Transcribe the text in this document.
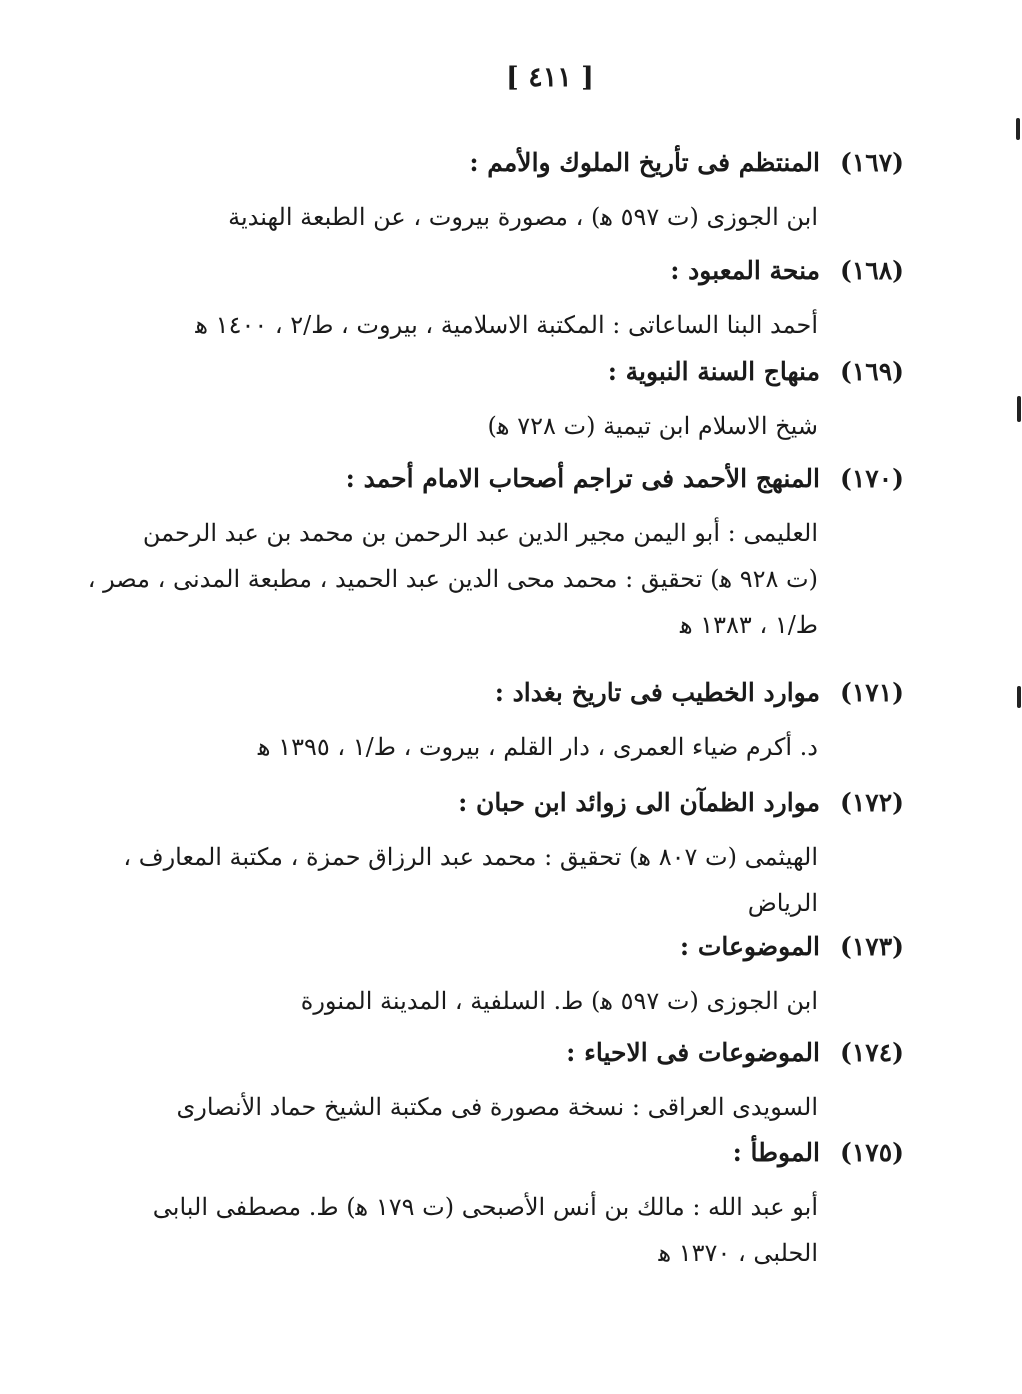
[ ٤١١ ]
(١٦٧)
المنتظم فى تأريخ الملوك والأمم :
ابن الجوزى (ت ٥٩٧ ﻫ) ، مصورة بيروت ، عن الطبعة الهندية
(١٦٨)
منحة المعبود :
أحمد البنا الساعاتى : المكتبة الاسلامية ، بيروت ، ط/٢ ، ١٤٠٠ ﻫ
(١٦٩)
منهاج السنة النبوية :
شيخ الاسلام ابن تيمية (ت ٧٢٨ ﻫ)
(١٧٠)
المنهج الأحمد فى تراجم أصحاب الامام أحمد :
العليمى : أبو اليمن مجير الدين عبد الرحمن بن محمد بن عبد الرحمن
(ت ٩٢٨ ﻫ) تحقيق : محمد محى الدين عبد الحميد ، مطبعة المدنى ، مصر ،
ط/١ ، ١٣٨٣ ﻫ
(١٧١)
موارد الخطيب فى تاريخ بغداد :
د. أكرم ضياء العمرى ، دار القلم ، بيروت ، ط/١ ، ١٣٩٥ ﻫ
(١٧٢)
موارد الظمآن الى زوائد ابن حبان :
الهيثمى (ت ٨٠٧ ﻫ) تحقيق : محمد عبد الرزاق حمزة ، مكتبة المعارف ،
الرياض
(١٧٣)
الموضوعات :
ابن الجوزى (ت ٥٩٧ ﻫ) ط. السلفية ، المدينة المنورة
(١٧٤)
الموضوعات فى الاحياء :
السويدى العراقى : نسخة مصورة فى مكتبة الشيخ حماد الأنصارى
(١٧٥)
الموطأ :
أبو عبد الله : مالك بن أنس الأصبحى (ت ١٧٩ ﻫ) ط. مصطفى البابى
الحلبى ، ١٣٧٠ ﻫ
